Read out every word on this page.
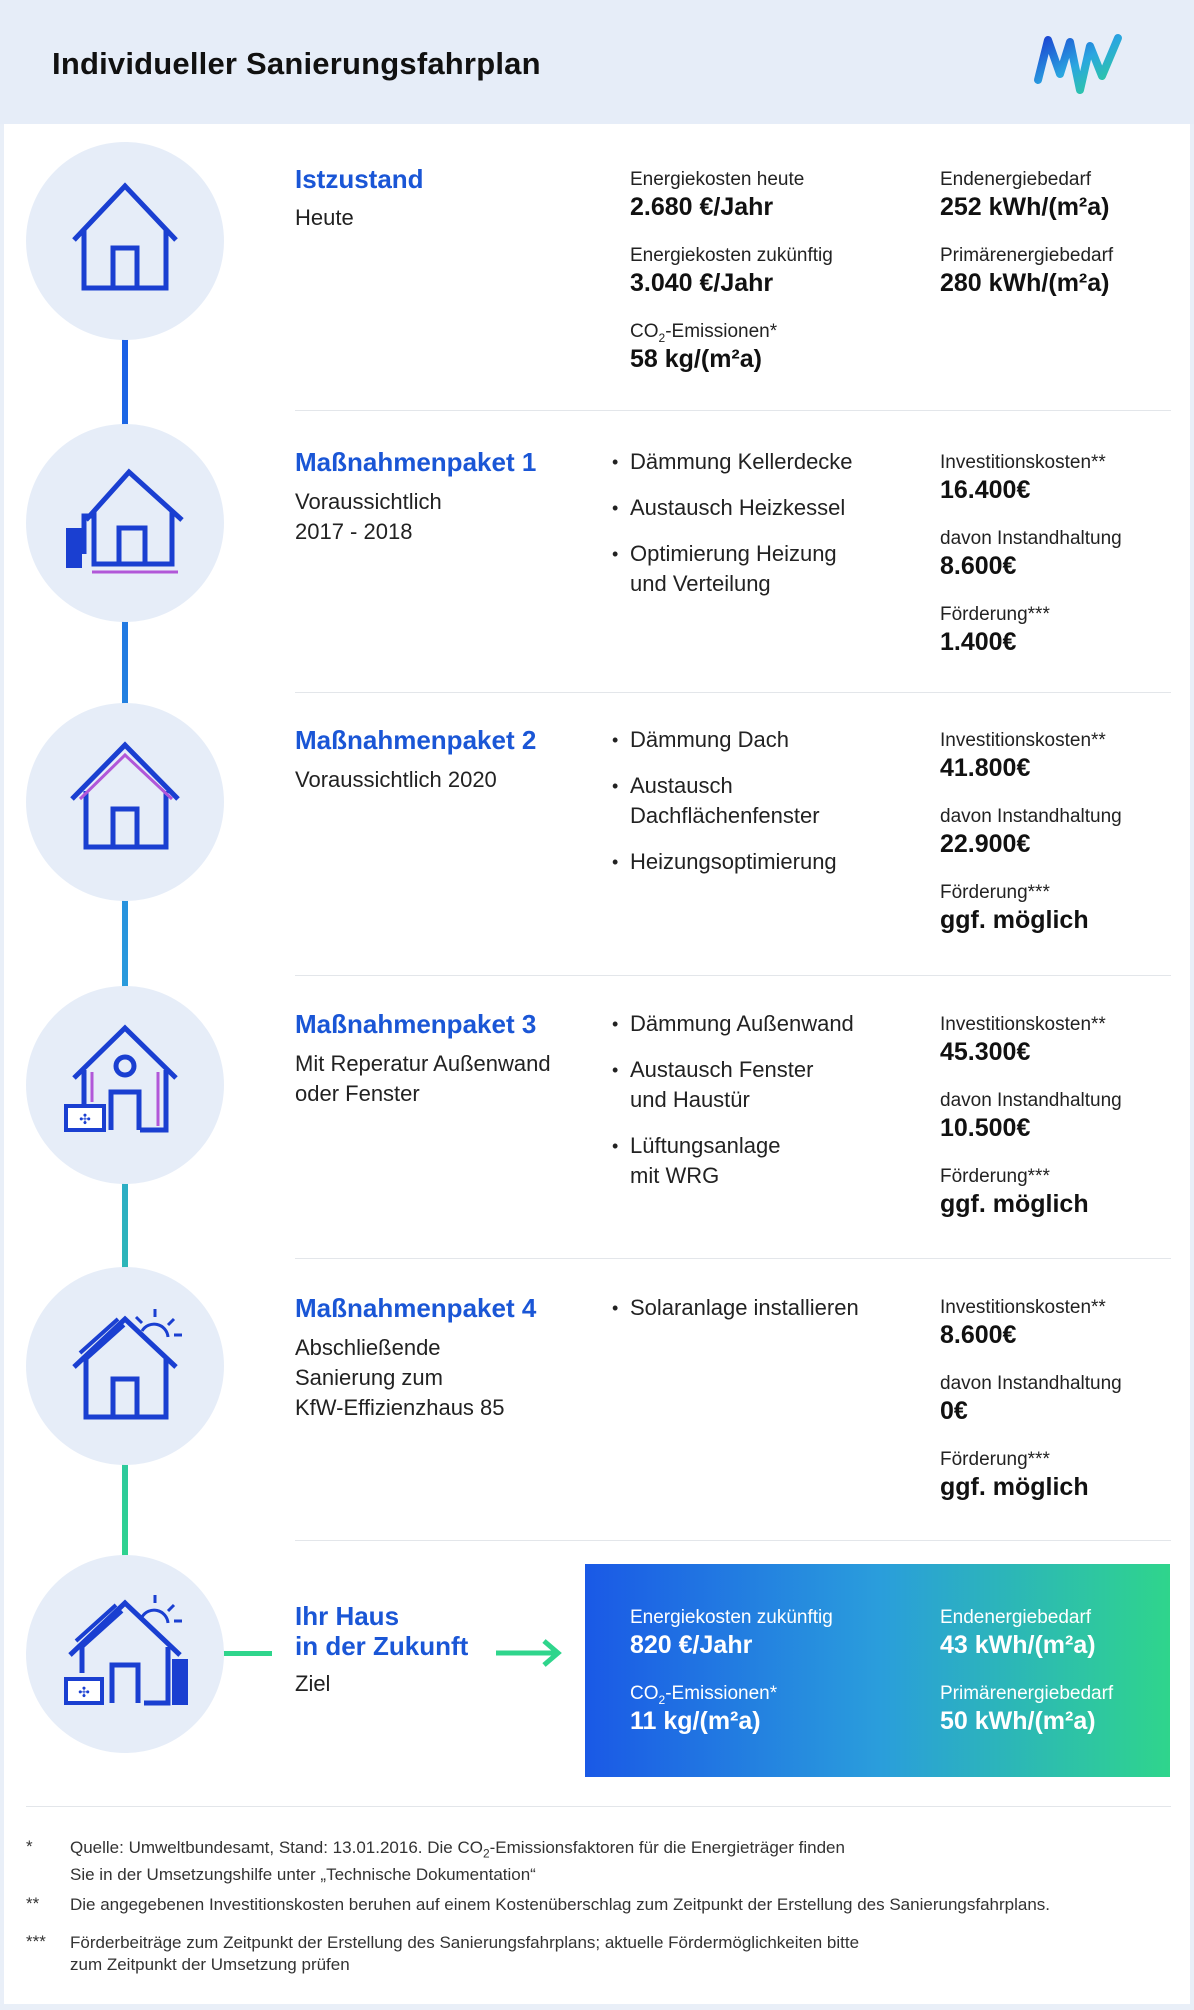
Individueller Sanierungsfahrplan
✣
✣
Istzustand
Heute
Energiekosten heute
2.680 €/Jahr
Energiekosten zukünftig
3.040 €/Jahr
$CO_2-Emissionen*$
58 kg/(m²a)
Endenergiebedarf
252 kWh/(m²a)
Primärenergiebedarf
280 kWh/(m²a)
Maßnahmenpaket 1
Voraussichtlich
2017 - 2018
• Dämmung Kellerdecke
• Austausch Heizkessel
• Optimierung Heizung
und Verteilung
Investitionskosten**
16.400€
davon Instandhaltung
8.600€
Förderung***
1.400€
Maßnahmenpaket 2
Voraussichtlich 2020
• Dämmung Dach
• Austausch
Dachflächenfenster
• Heizungsoptimierung
Investitionskosten**
41.800€
davon Instandhaltung
22.900€
Förderung***
ggf. möglich
Maßnahmenpaket 3
Mit Reperatur Außenwand
oder Fenster
• Dämmung Außenwand
• Austausch Fenster
und Haustür
• Lüftungsanlage
mit WRG
Investitionskosten**
45.300€
davon Instandhaltung
10.500€
Förderung***
ggf. möglich
Maßnahmenpaket 4
Abschließende
Sanierung zum
KfW-Effizienzhaus 85
• Solaranlage installieren	Investitionskosten**
8.600€
davon Instandhaltung
0€
Förderung***
ggf. möglich
Ihr Haus
in der Zukunft
Ziel
Energiekosten zukünftig
820 €/Jahr
$CO_2-Emissionen*$
11 kg/(m²a)
Endenergiebedarf
43 kWh/(m²a)
Primärenergiebedarf
50 kWh/(m²a)
* Quelle: Umweltbundesamt, Stand: 13.01.2016. Die $CO_2$-Emissionsfaktoren für die Energieträger finden
Sie in der Umsetzungshilfe unter „Technische Dokumentation“
** Die angegebenen Investitionskosten beruhen auf einem Kostenüberschlag zum Zeitpunkt der Erstellung des Sanierungsfahrplans.
*** Förderbeiträge zum Zeitpunkt der Erstellung des Sanierungsfahrplans; aktuelle Fördermöglichkeiten bitte
zum Zeitpunkt der Umsetzung prüfen
